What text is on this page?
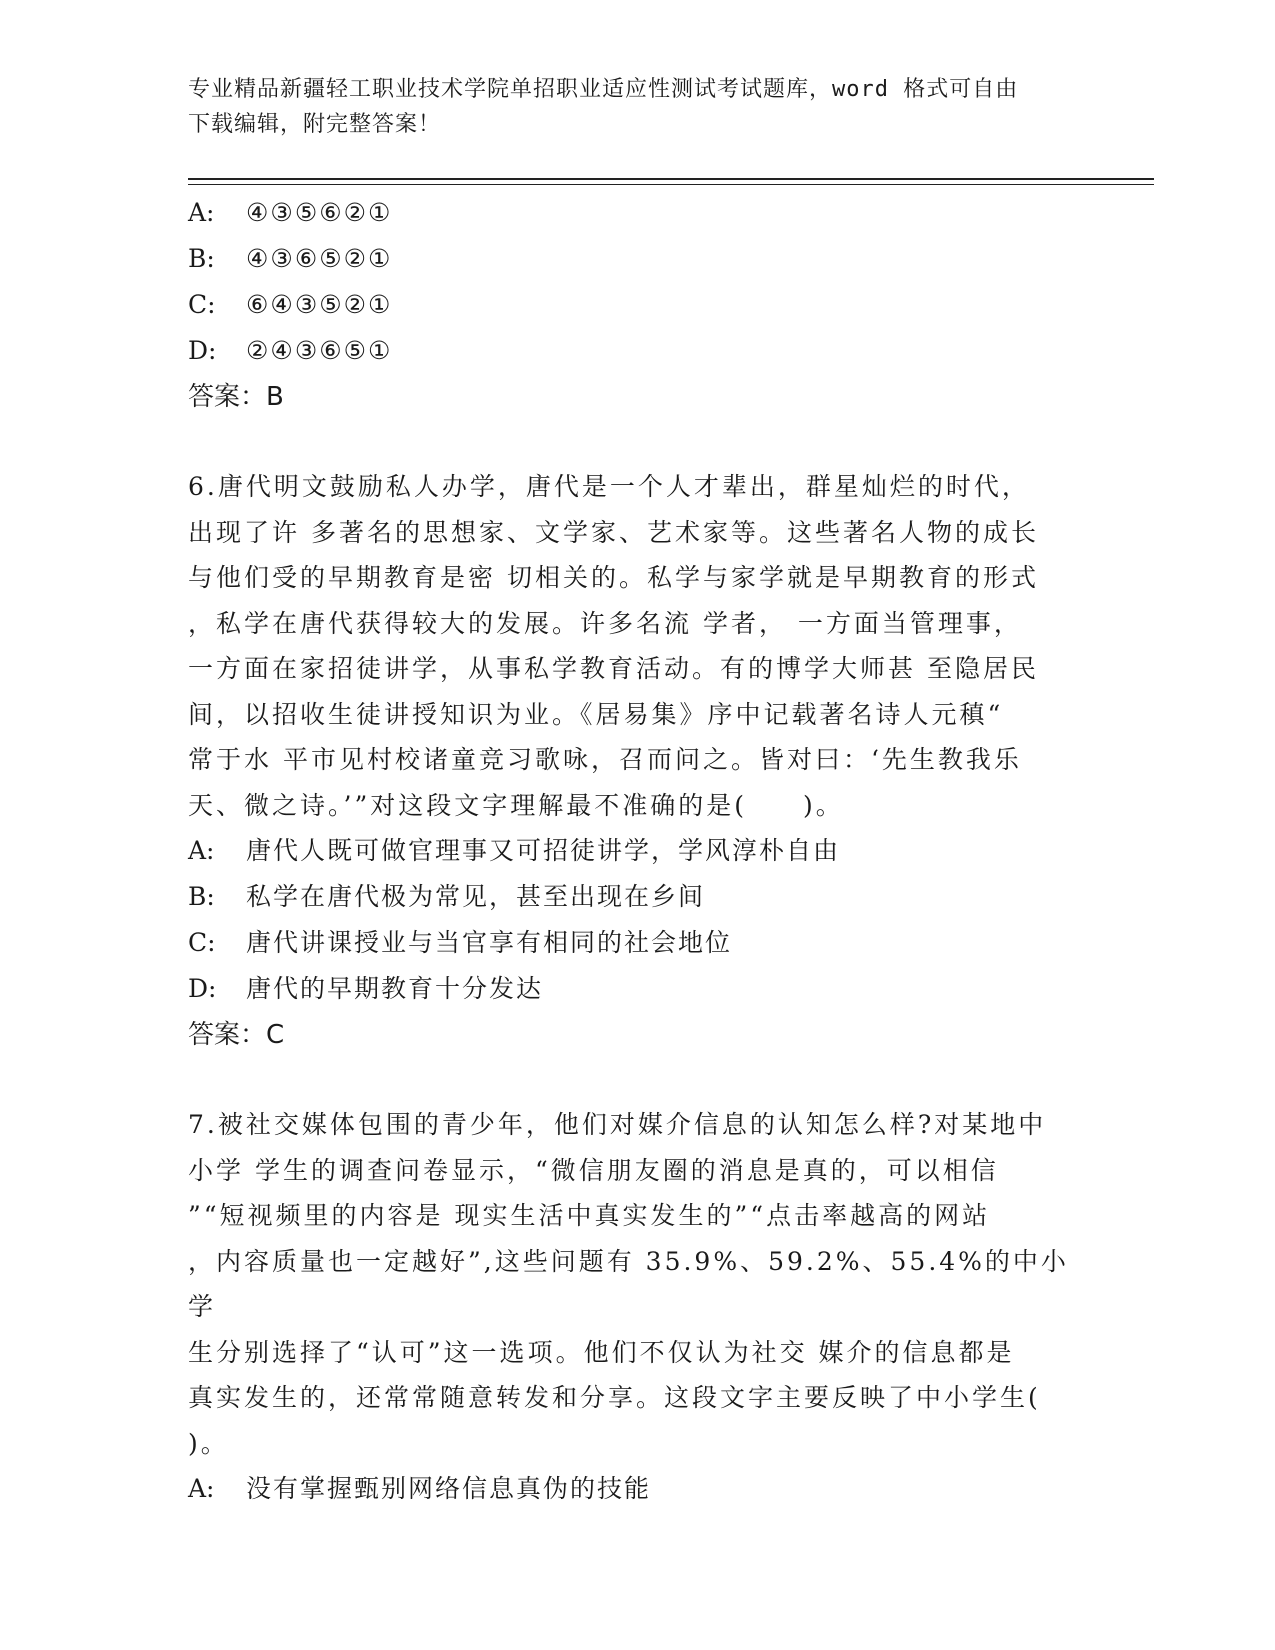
专业精品新疆轻工职业技术学院单招职业适应性测试考试题库，word 格式可自由
下载编辑，附完整答案！
A: ④③⑤⑥②①
B: ④③⑥⑤②①
C: ⑥④③⑤②①
D: ②④③⑥⑤①
答案：B
6.唐代明文鼓励私人办学，唐代是一个人才辈出，群星灿烂的时代，
出现了许 多著名的思想家、文学家、艺术家等。这些著名人物的成长
与他们受的早期教育是密 切相关的。私学与家学就是早期教育的形式
，私学在唐代获得较大的发展。许多名流 学者， 一方面当管理事，
一方面在家招徒讲学，从事私学教育活动。有的博学大师甚 至隐居民
间，以招收生徒讲授知识为业。《居易集》序中记载著名诗人元稹“
常于水 平市见村校诸童竞习歌咏，召而问之。皆对曰：‘先生教我乐
天、微之诗。’”对这段文字理解最不准确的是(　　)。
A: 唐代人既可做官理事又可招徒讲学，学风淳朴自由
B: 私学在唐代极为常见，甚至出现在乡间
C: 唐代讲课授业与当官享有相同的社会地位
D: 唐代的早期教育十分发达
答案：C
7.被社交媒体包围的青少年，他们对媒介信息的认知怎么样?对某地中
小学 学生的调查问卷显示，“微信朋友圈的消息是真的，可以相信
”“短视频里的内容是 现实生活中真实发生的”“点击率越高的网站
，内容质量也一定越好”,这些问题有 35.9%、59.2%、55.4%的中小学
生分别选择了“认可”这一选项。他们不仅认为社交 媒介的信息都是
真实发生的，还常常随意转发和分享。这段文字主要反映了中小学生(
)。
A: 没有掌握甄别网络信息真伪的技能
